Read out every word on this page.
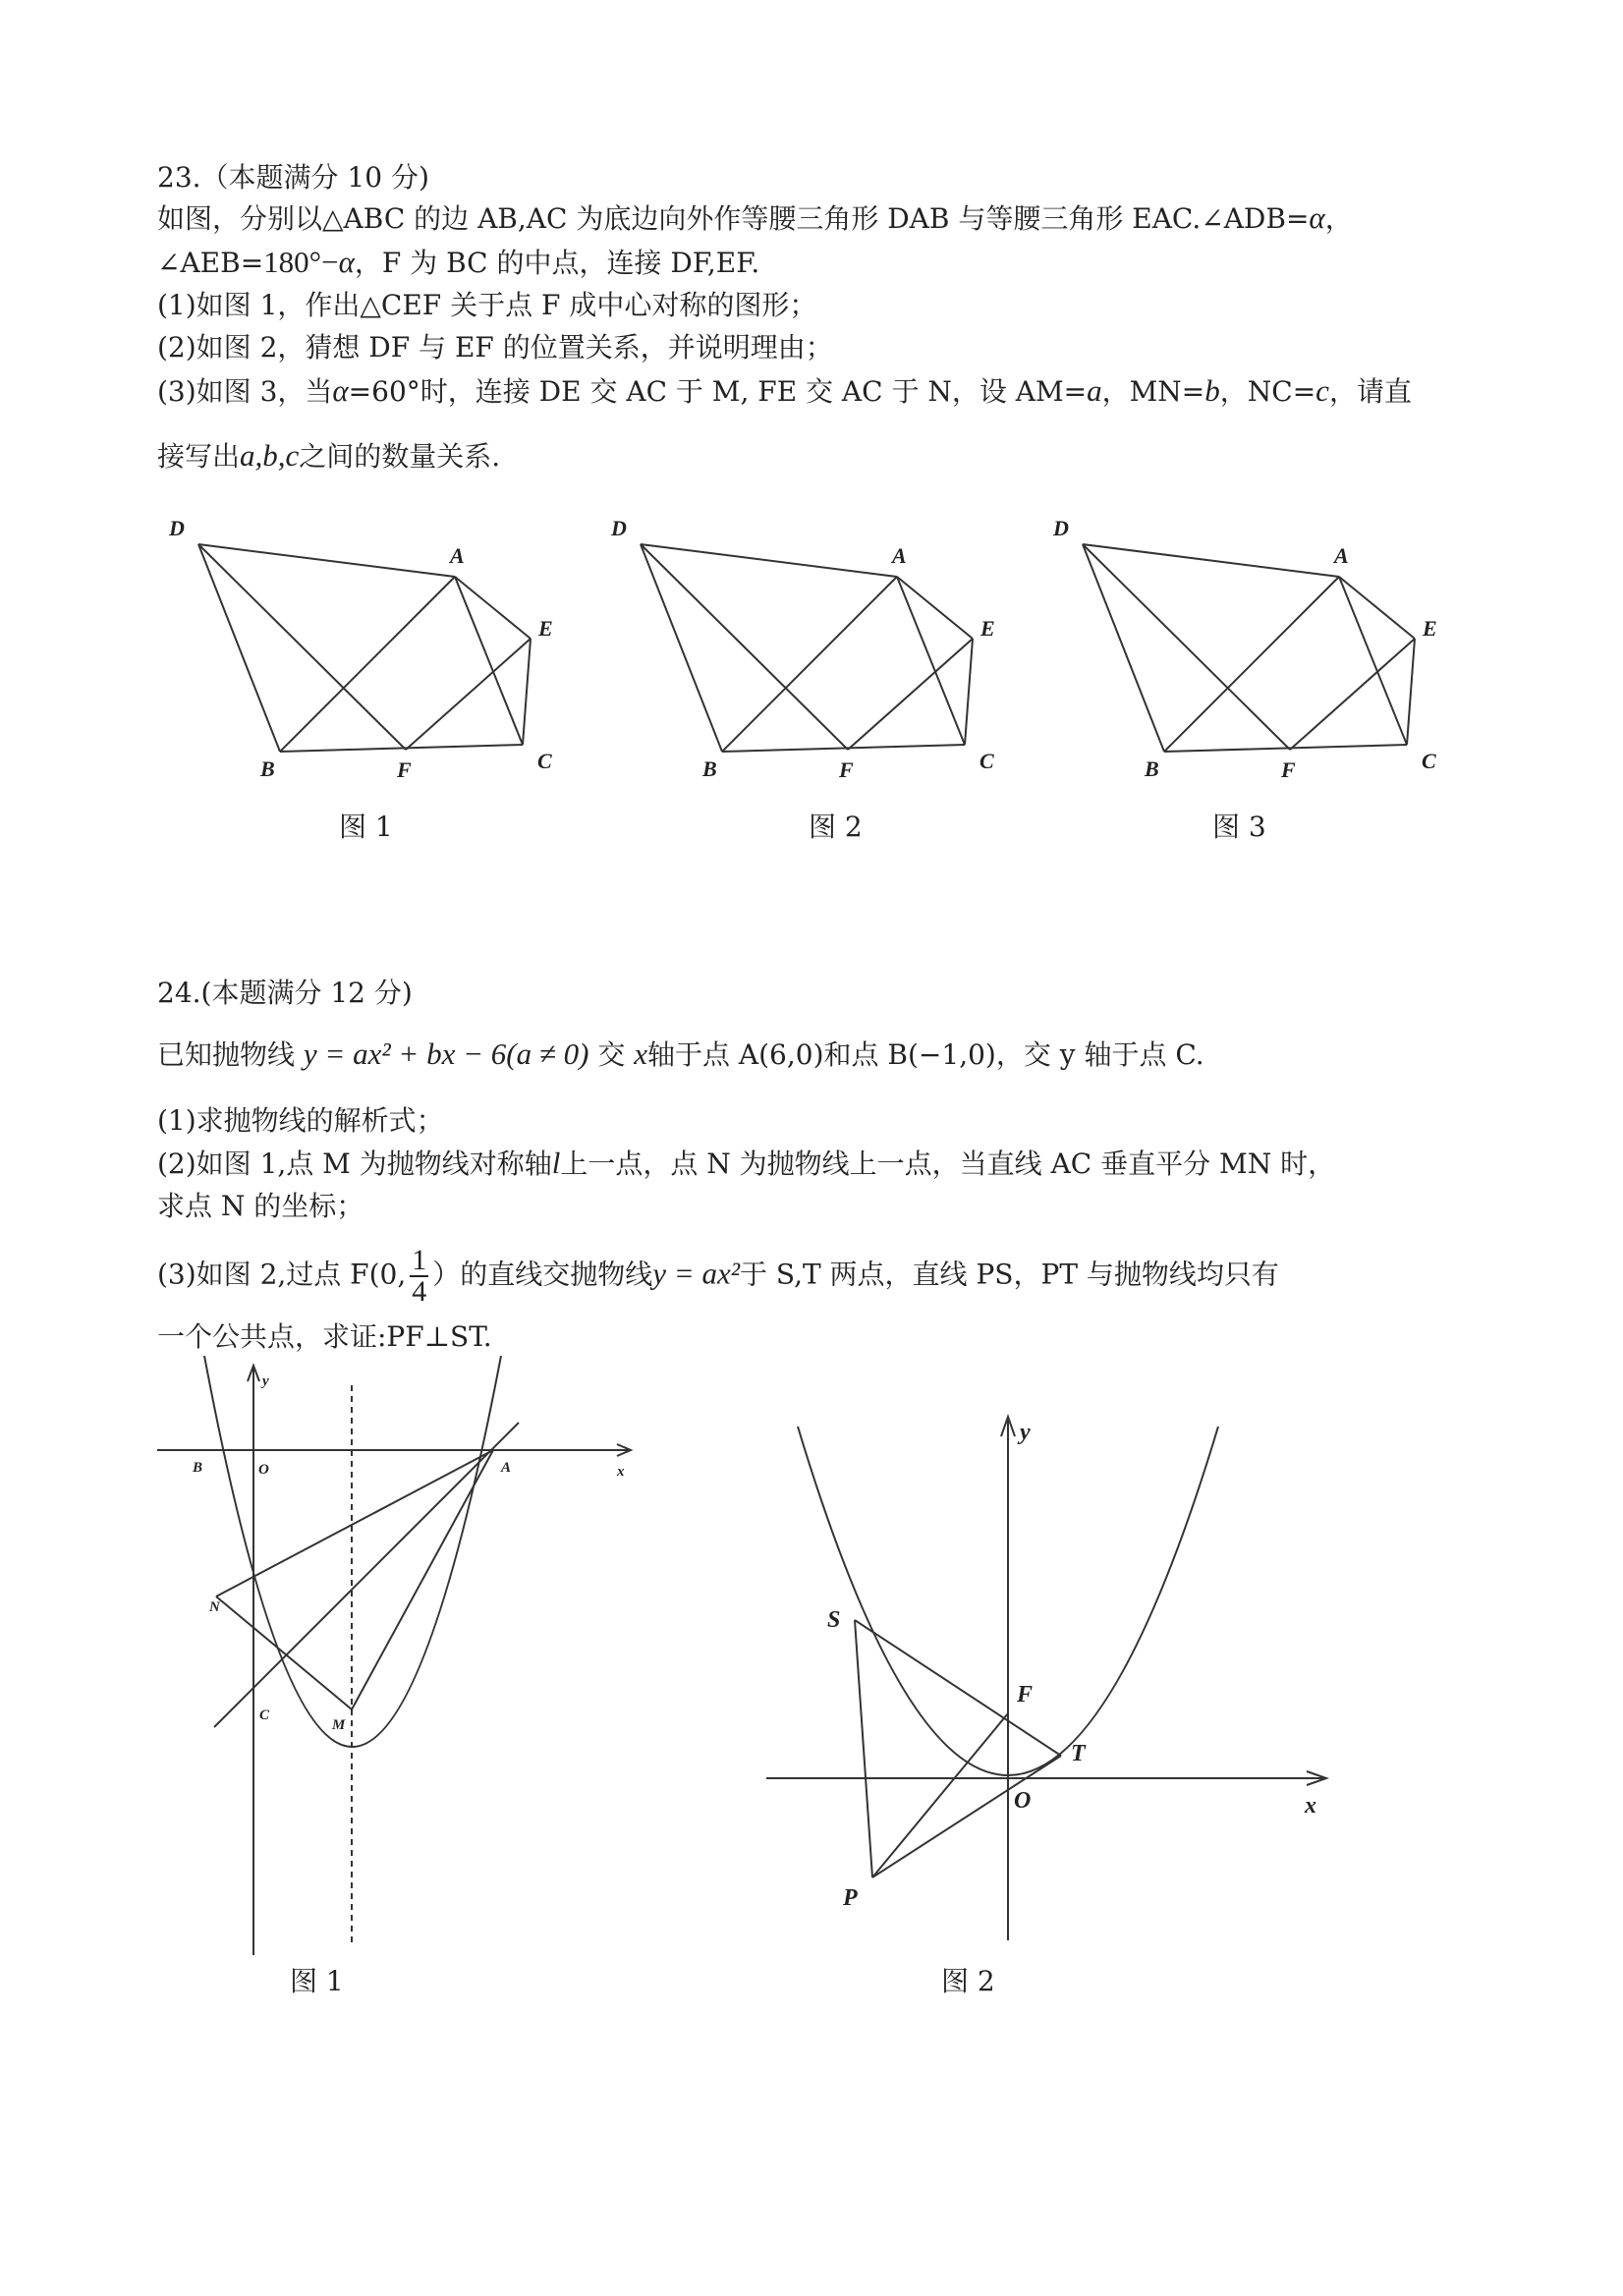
23.（本题满分 10 分)
如图，分别以△ABC 的边 AB,AC 为底边向外作等腰三角形 DAB 与等腰三角形 EAC.∠ADB=α，
∠AEB=180°−α，F 为 BC 的中点，连接 DF,EF.
(1)如图 1，作出△CEF 关于点 F 成中心对称的图形；
(2)如图 2，猜想 DF 与 EF 的位置关系，并说明理由；
(3)如图 3，当α=60°时，连接 DE 交 AC 于 M, FE 交 AC 于 N，设 AM=a，MN=b，NC=c，请直
接写出a,b,c之间的数量关系.
D
A
E
B	F	C
D
A
E
B	F	C
D
A
E
B	F	C
图 1	图 2	图 3
24.(本题满分 12 分)
已知抛物线 y = ax² + bx − 6(a ≠ 0) 交 x轴于点 A(6,0)和点 B(−1,0)，交 y 轴于点 C.
(1)求抛物线的解析式；
(2)如图 1,点 M 为抛物线对称轴l上一点，点 N 为抛物线上一点，当直线 AC 垂直平分 MN 时，
求点 N 的坐标；
(3)如图 2,过点 F(0, $\frac{1}{4}$ ）的直线交抛物线y = ax²于 S,T 两点，直线 PS，PT 与抛物线均只有
一个公共点，求证:PF⊥ST.
y
B	O	A	x
N
C
M
图 1
y
S
F
T
O	x
P
图 2
